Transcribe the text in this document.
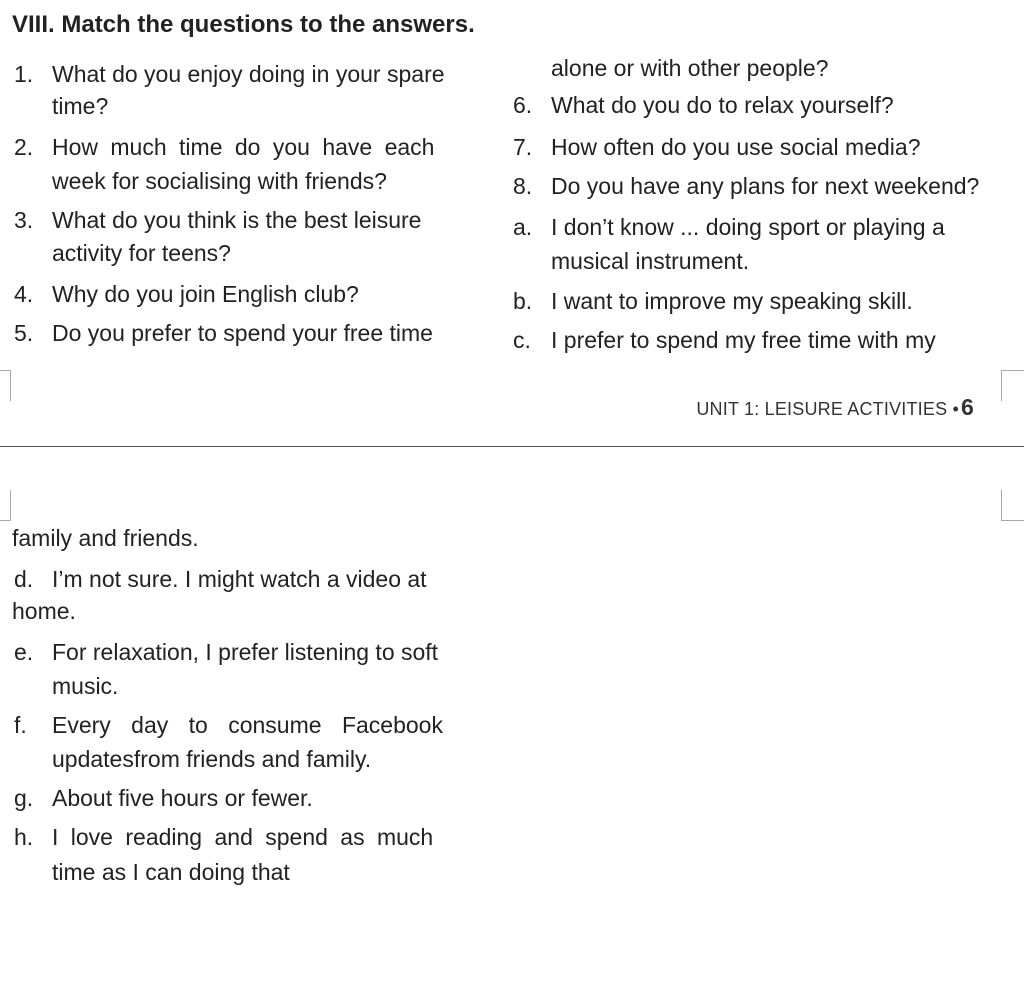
VIII. Match the questions to the answers.
1. What do you enjoy doing in your spare
time?
2. How much time do you have each
week for socialising with friends?
3. What do you think is the best leisure
activity for teens?
4. Why do you join English club?
5. Do you prefer to spend your free time
alone or with other people?
6. What do you do to relax yourself?
7. How often do you use social media?
8. Do you have any plans for next weekend?
a. I don’t know ... doing sport or playing a
musical instrument.
b. I want to improve my speaking skill.
c. I prefer to spend my free time with my
UNIT 1: LEISURE ACTIVITIES •6
family and friends.
d. I’m not sure. I might watch a video at
home.
e. For relaxation, I prefer listening to soft
music.
f. Every day to consume Facebook
updatesfrom friends and family.
g. About five hours or fewer.
h. I love reading and spend as much
time as I can doing that
